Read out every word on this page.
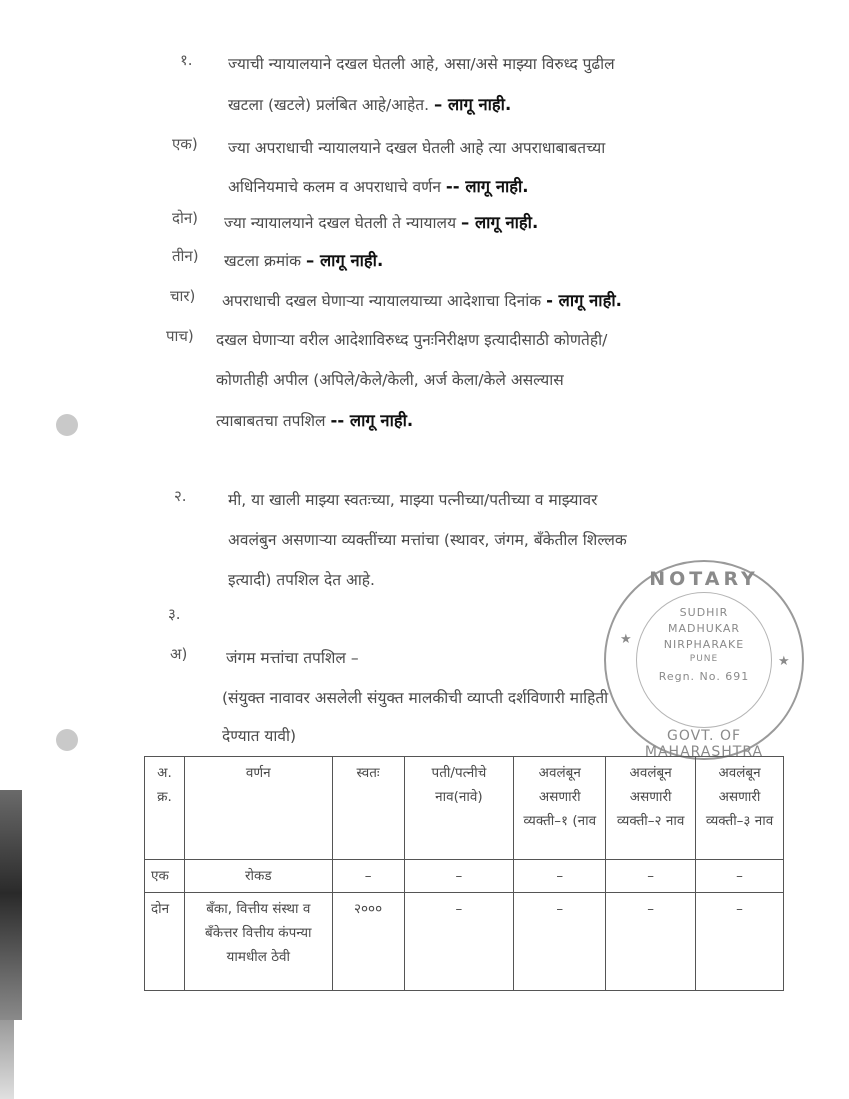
१. ज्याची न्यायालयाने दखल घेतली आहे, असा/असे माझ्या विरुध्द पुढील
खटला (खटले) प्रलंबित आहे/आहेत. – लागू नाही.
एक) ज्या अपराधाची न्यायालयाने दखल घेतली आहे त्या अपराधाबाबतच्या
अधिनियमाचे कलम व अपराधाचे वर्णन -- लागू नाही.
दोन) ज्या न्यायालयाने दखल घेतली ते न्यायालय – लागू नाही.
तीन) खटला क्रमांक – लागू नाही.
चार) अपराधाची दखल घेणाऱ्या न्यायालयाच्या आदेशाचा दिनांक - लागू नाही.
पाच) दखल घेणाऱ्या वरील आदेशाविरुध्द पुनःनिरीक्षण इत्यादीसाठी कोणतेही/
कोणतीही अपील (अपिले/केले/केली, अर्ज केला/केले असल्यास
त्याबाबतचा तपशिल -- लागू नाही.
२.	मी, या खाली माझ्या स्वतःच्या, माझ्या पत्नीच्या/पतीच्या व माझ्यावर
अवलंबुन असणाऱ्या व्यक्तींच्या मत्तांचा (स्थावर, जंगम, बँकेतील शिल्लक
इत्यादी) तपशिल देत आहे.
३.
अ) जंगम मत्तांचा तपशिल –
(संयुक्त नावावर असलेली संयुक्त मालकीची व्याप्ती दर्शविणारी माहिती
देण्यात यावी)
NOTARY
★
★
SUDHIR
MADHUKAR
NIRPHARAKE
PUNE
Regn. No. 691
GOVT. OF MAHARASHTRA
अ. क्र.	वर्णन	स्वतः	पती/पत्नीचे नाव(नावे)	अवलंबून असणारी व्यक्ती–१ (नाव	अवलंबून असणारी व्यक्ती–२ नाव	अवलंबून असणारी व्यक्ती–३ नाव
एक	रोकड	–	–	–	–	–
दोन	बँका, वित्तीय संस्था व बँकेत्तर वित्तीय कंपन्या यामधील ठेवी	२०००	–	–	–	–
